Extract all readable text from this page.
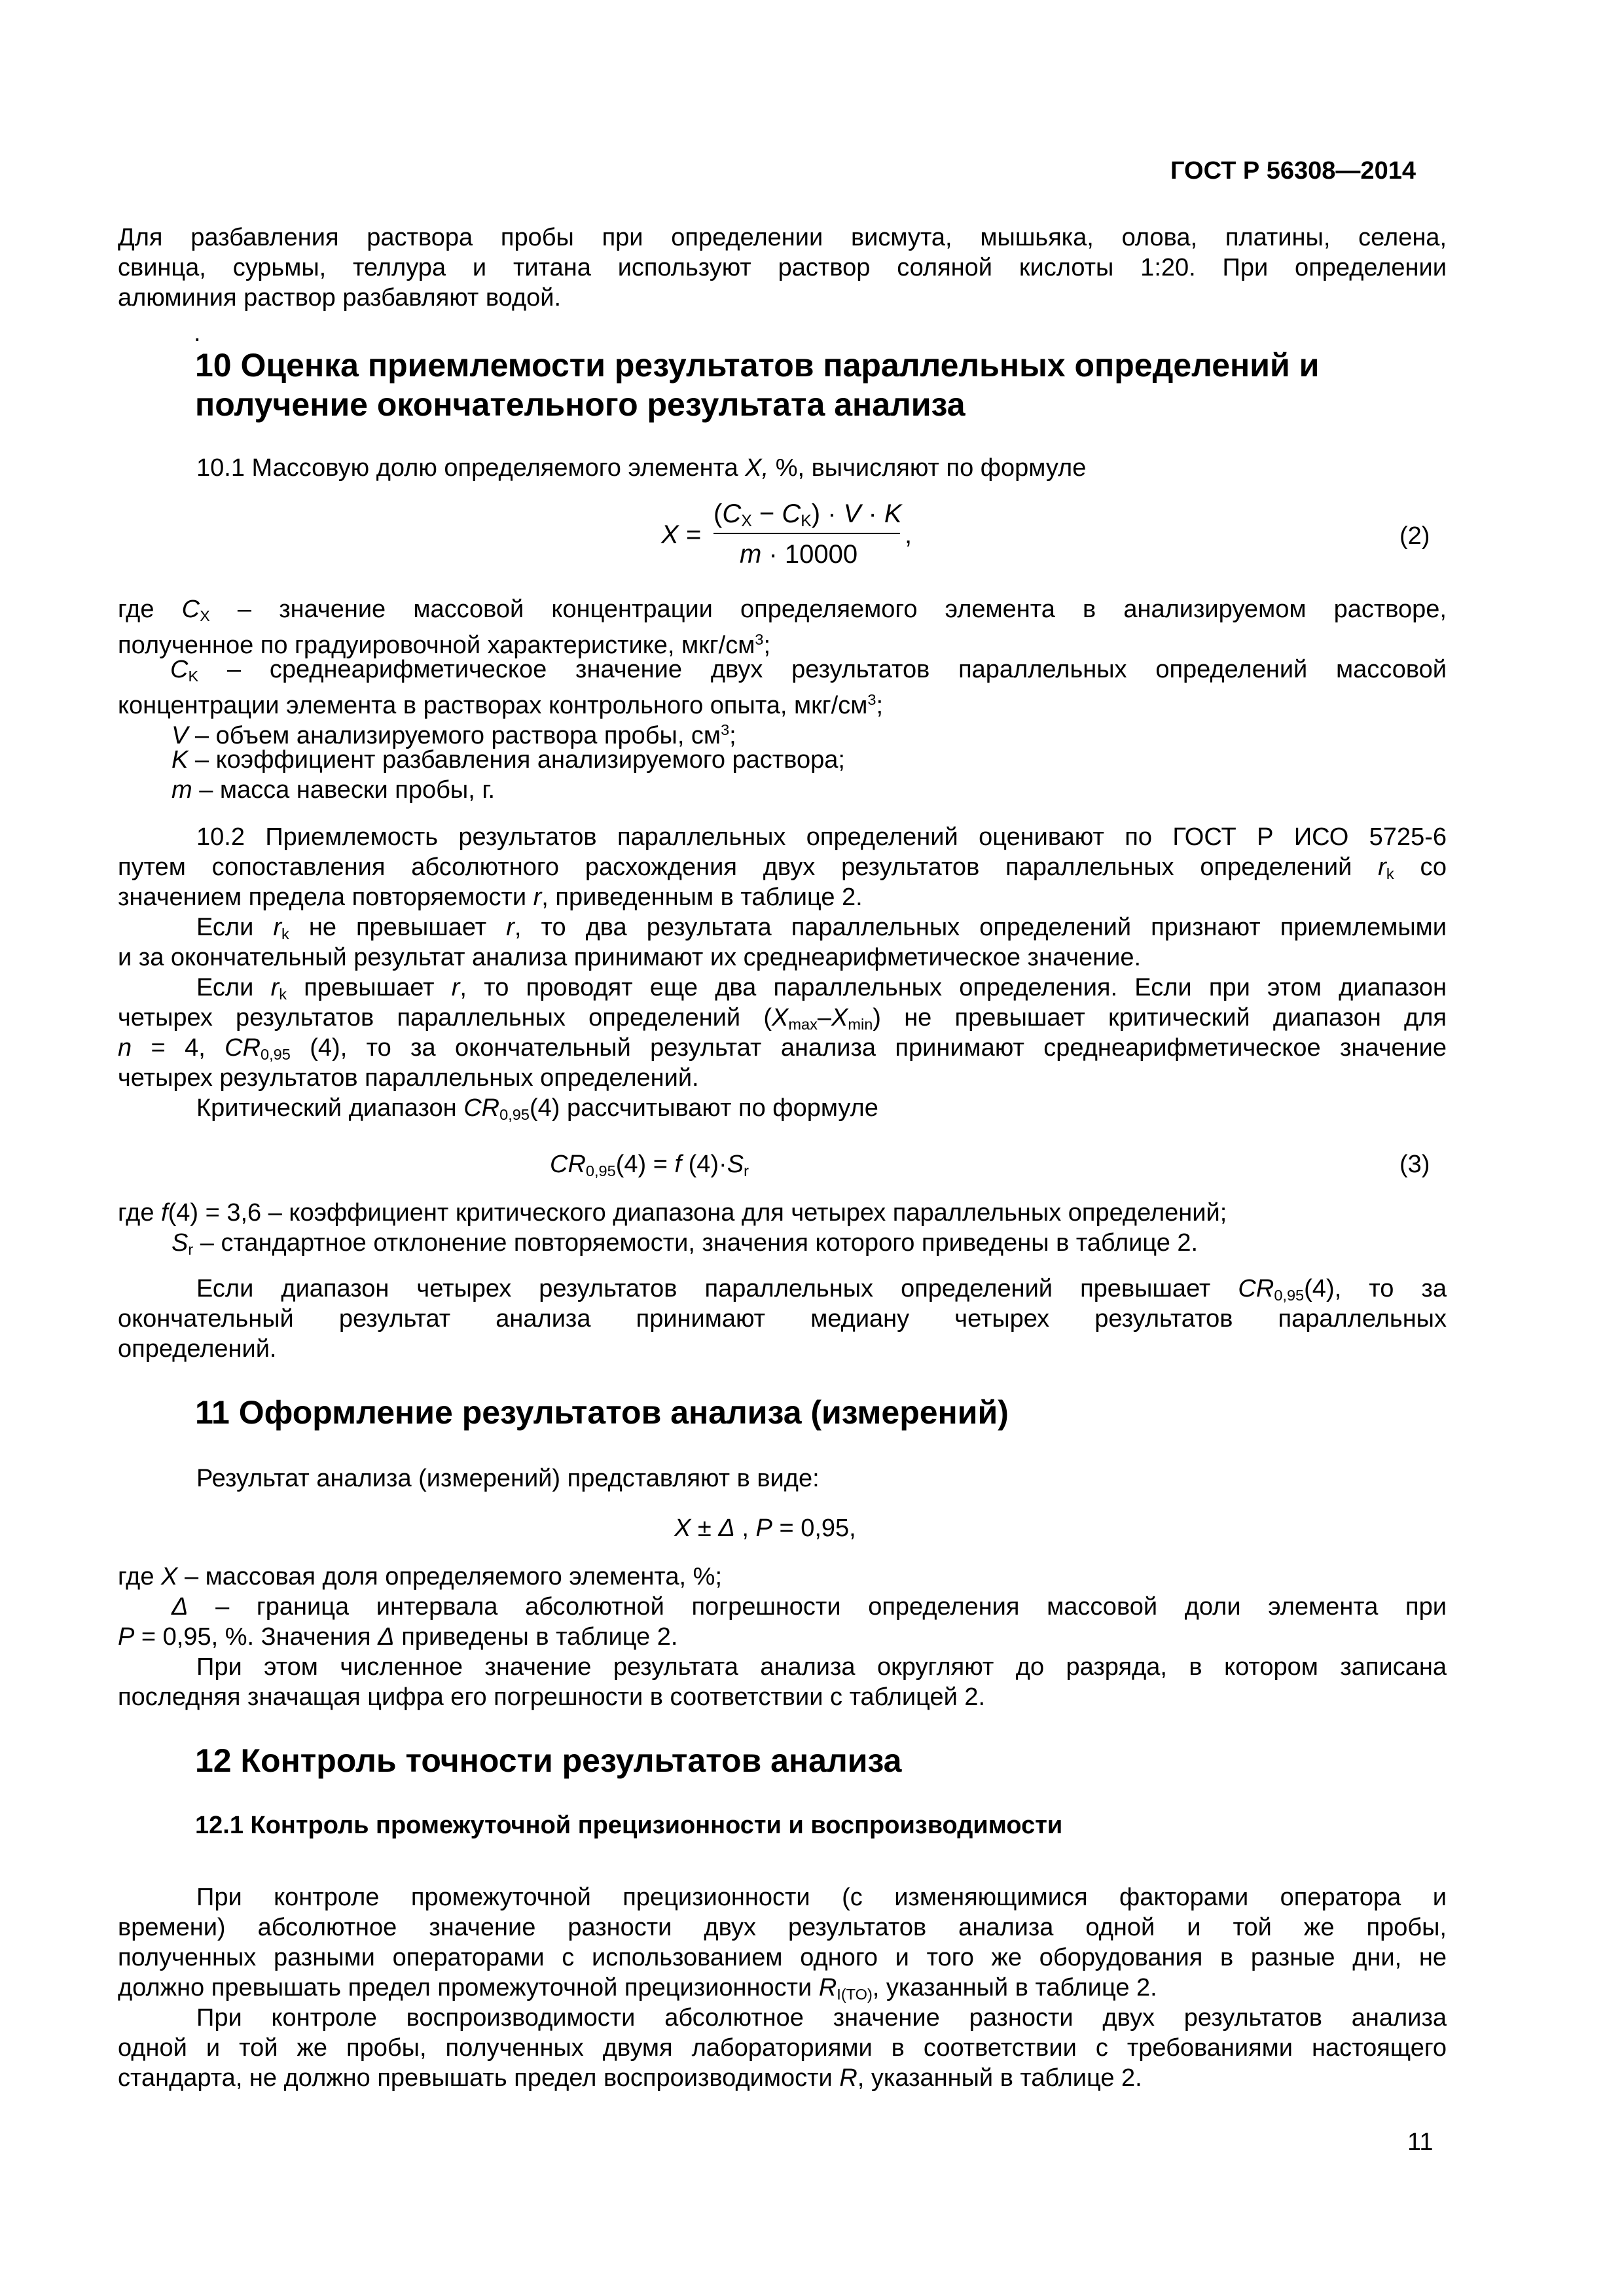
ГОСТ Р 56308—2014
Для разбавления раствора пробы при определении висмута, мышьяка, олова, платины, селена,
свинца, сурьмы, теллура и титана используют раствор соляной кислоты 1:20. При определении
алюминия раствор разбавляют водой.
.
10 Оценка приемлемости результатов параллельных определений и
получение окончательного результата анализа
10.1 Массовую долю определяемого элемента X, %, вычисляют по формуле
X =
$(C_X - C_K) \cdot V \cdot K$
m · 10000
,	(2)
где $C_X$ – значение массовой концентрации определяемого элемента в анализируемом растворе,
полученное по градуировочной характеристике, мкг/$см^3$;
$C_K$ – среднеарифметическое значение двух результатов параллельных определений массовой
концентрации элемента в растворах контрольного опыта, мкг/$см^3$;
V – объем анализируемого раствора пробы, $см^3$;
K – коэффициент разбавления анализируемого раствора;
m – масса навески пробы, г.
10.2 Приемлемость результатов параллельных определений оценивают по ГОСТ Р ИСО 5725-6
путем сопоставления абсолютного расхождения двух результатов параллельных определений $r_k$ со
значением предела повторяемости r, приведенным в таблице 2.
Если $r_k$ не превышает r, то два результата параллельных определений признают приемлемыми
и за окончательный результат анализа принимают их среднеарифметическое значение.
Если $r_k$ превышает r, то проводят еще два параллельных определения. Если при этом диапазон
четырех результатов параллельных определений $(X_{max}-X_{min})$ не превышает критический диапазон для
n = 4, $CR_{0,95}$ (4), то за окончательный результат анализа принимают среднеарифметическое значение
четырех результатов параллельных определений.
Критический диапазон $CR_{0,95}(4)$ рассчитывают по формуле
$CR_{0,95}(4) = f$ $(4)\cdot S_r$	(3)
где f(4) = 3,6 – коэффициент критического диапазона для четырех параллельных определений;
$S_r$ – стандартное отклонение повторяемости, значения которого приведены в таблице 2.
Если диапазон четырех результатов параллельных определений превышает $CR_{0,95}(4)$, то за
окончательный результат анализа принимают медиану четырех результатов параллельных
определений.
11 Оформление результатов анализа (измерений)
Результат анализа (измерений) представляют в виде:
X ± Δ , P = 0,95,
где X – массовая доля определяемого элемента, %;
Δ – граница интервала абсолютной погрешности определения массовой доли элемента при
P = 0,95, %. Значения Δ приведены в таблице 2.
При этом численное значение результата анализа округляют до разряда, в котором записана
последняя значащая цифра его погрешности в соответствии с таблицей 2.
12 Контроль точности результатов анализа
12.1 Контроль промежуточной прецизионности и воспроизводимости
При контроле промежуточной прецизионности (с изменяющимися факторами оператора и
времени) абсолютное значение разности двух результатов анализа одной и той же пробы,
полученных разными операторами с использованием одного и того же оборудования в разные дни, не
должно превышать предел промежуточной прецизионности $R_{I(TO)}$, указанный в таблице 2.
При контроле воспроизводимости абсолютное значение разности двух результатов анализа
одной и той же пробы, полученных двумя лабораториями в соответствии с требованиями настоящего
стандарта, не должно превышать предел воспроизводимости R, указанный в таблице 2.
11
